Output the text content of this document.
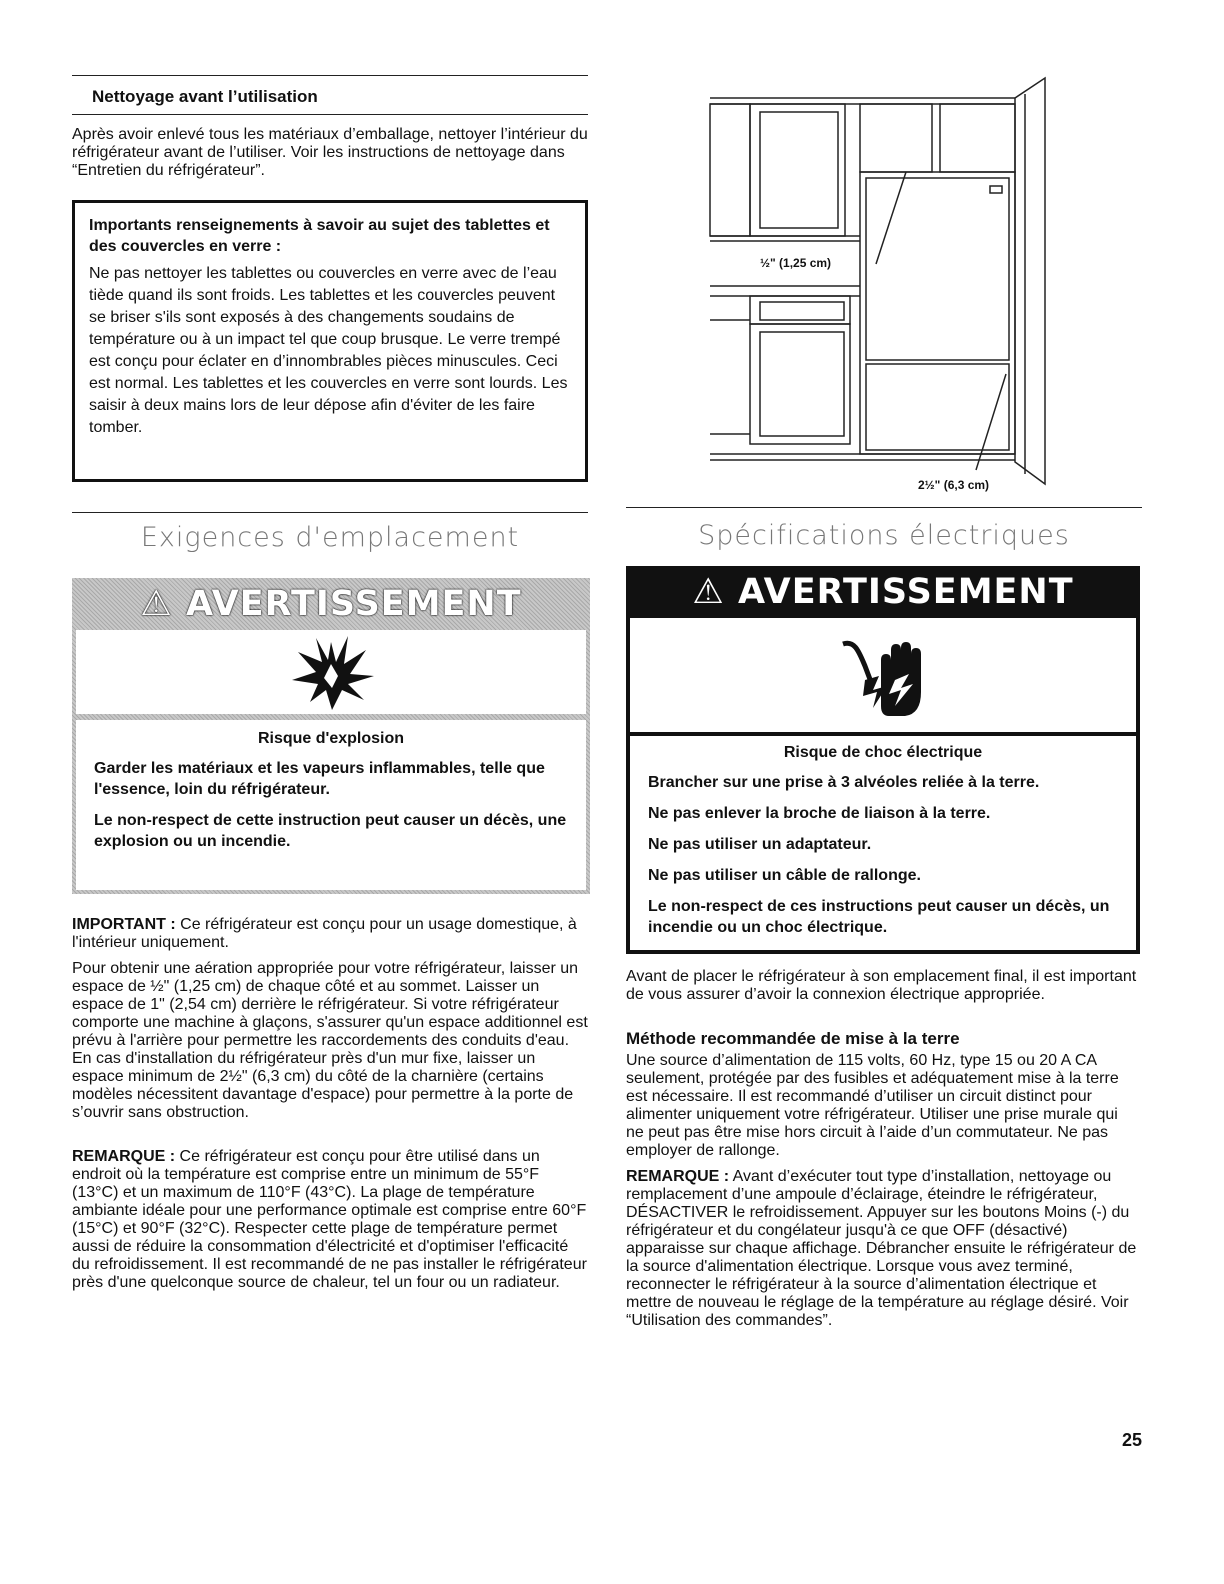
Nettoyage avant l’utilisation

Après avoir enlevé tous les matériaux d’emballage, nettoyer l’intérieur du réfrigérateur avant de l’utiliser. Voir les instructions de nettoyage dans “Entretien du réfrigérateur”.

Importants renseignements à savoir au sujet des tablettes et des couvercles en verre :

Ne pas nettoyer les tablettes ou couvercles en verre avec de l’eau tiède quand ils sont froids. Les tablettes et les couvercles peuvent se briser s'ils sont exposés à des changements soudains de température ou à un impact tel que coup brusque. Le verre trempé est conçu pour éclater en d’innombrables pièces minuscules. Ceci est normal. Les tablettes et les couvercles en verre sont lourds. Les saisir à deux mains lors de leur dépose afin d'éviter de les faire tomber.

Exigences d'emplacement
⚠ AVERTISSEMENT
Risque d'explosion

Garder les matériaux et les vapeurs inflammables, telle que l'essence, loin du réfrigérateur.

Le non-respect de cette instruction peut causer un décès, une explosion ou un incendie.

IMPORTANT : Ce réfrigérateur est conçu pour un usage domestique, à l'intérieur uniquement.

Pour obtenir une aération appropriée pour votre réfrigérateur, laisser un espace de ½" (1,25 cm) de chaque côté et au sommet. Laisser un espace de 1" (2,54 cm) derrière le réfrigérateur. Si votre réfrigérateur comporte une machine à glaçons, s'assurer qu'un espace additionnel est prévu à l'arrière pour permettre les raccordements des conduits d'eau. En cas d'installation du réfrigérateur près d'un mur fixe, laisser un espace minimum de 2½" (6,3 cm) du côté de la charnière (certains modèles nécessitent davantage d'espace) pour permettre à la porte de s’ouvrir sans obstruction.

REMARQUE : Ce réfrigérateur est conçu pour être utilisé dans un endroit où la température est comprise entre un minimum de 55°F (13°C) et un maximum de 110°F (43°C). La plage de température ambiante idéale pour une performance optimale est comprise entre 60°F (15°C) et 90°F (32°C). Respecter cette plage de température permet aussi de réduire la consommation d'électricité et d'optimiser l'efficacité du refroidissement. Il est recommandé de ne pas installer le réfrigérateur près d'une quelconque source de chaleur, tel un four ou un radiateur.

½" (1,25 cm)
2½" (6,3 cm)
Spécifications électriques
⚠ AVERTISSEMENT
Risque de choc électrique

Brancher sur une prise à 3 alvéoles reliée à la terre.

Ne pas enlever la broche de liaison à la terre.

Ne pas utiliser un adaptateur.

Ne pas utiliser un câble de rallonge.

Le non-respect de ces instructions peut causer un décès, un incendie ou un choc électrique.

Avant de placer le réfrigérateur à son emplacement final, il est important de vous assurer d’avoir la connexion électrique appropriée.

Méthode recommandée de mise à la terre

Une source d’alimentation de 115 volts, 60 Hz, type 15 ou 20 A CA seulement, protégée par des fusibles et adéquatement mise à la terre est nécessaire. Il est recommandé d’utiliser un circuit distinct pour alimenter uniquement votre réfrigérateur. Utiliser une prise murale qui ne peut pas être mise hors circuit à l’aide d’un commutateur. Ne pas employer de rallonge.

REMARQUE : Avant d’exécuter tout type d’installation, nettoyage ou remplacement d’une ampoule d’éclairage, éteindre le réfrigérateur, DÉSACTIVER le refroidissement. Appuyer sur les boutons Moins (-) du réfrigérateur et du congélateur jusqu'à ce que OFF (désactivé) apparaisse sur chaque affichage. Débrancher ensuite le réfrigérateur de la source d'alimentation électrique. Lorsque vous avez terminé, reconnecter le réfrigérateur à la source d’alimentation électrique et mettre de nouveau le réglage de la température au réglage désiré. Voir “Utilisation des commandes”.

25
